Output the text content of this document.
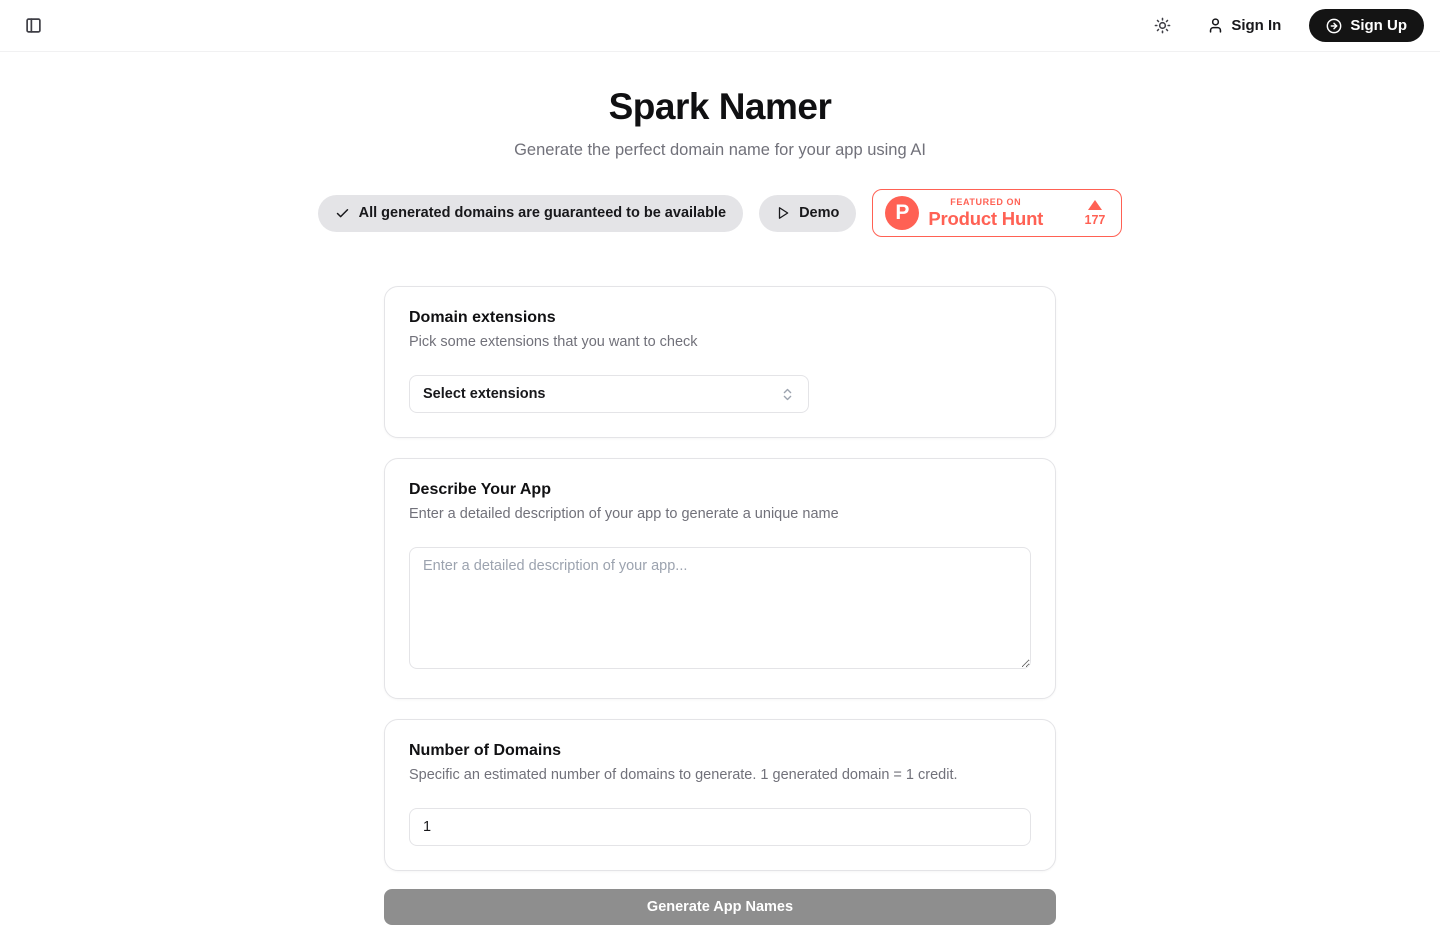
Sign In	Sign Up
Spark Namer

Generate the perfect domain name for your app using AI

All generated domains are guaranteed to be available	Demo	P	FEATURED ON
Product Hunt	177
Domain extensions

Pick some extensions that you want to check

Select extensions
Describe Your App

Enter a detailed description of your app to generate a unique name

Enter a detailed description of your app...
Number of Domains

Specific an estimated number of domains to generate. 1 generated domain = 1 credit.

1
Generate App Names
